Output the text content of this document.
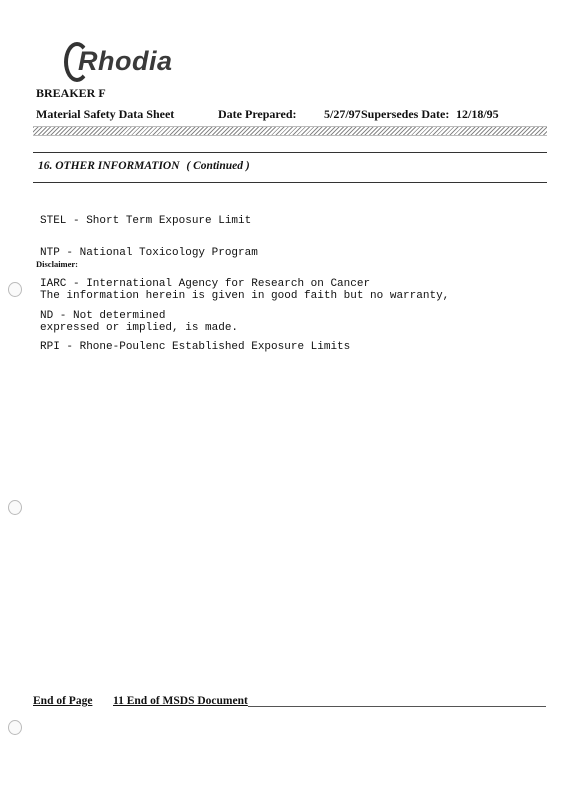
Rhodia
BREAKER F
Material Safety Data Sheet	Date Prepared: 5/27/97 Supersedes Date: 12/18/95
16. OTHER INFORMATION ( Continued )

STEL - Short Term Exposure Limit

NTP - National Toxicology Program

IARC - International Agency for Research on Cancer

ND - Not determined

RPI - Rhone-Poulenc Established Exposure Limits

Disclaimer:

The information herein is given in good faith but no warranty,

expressed or implied, is made.

End of Page 11 End of MSDS Document
